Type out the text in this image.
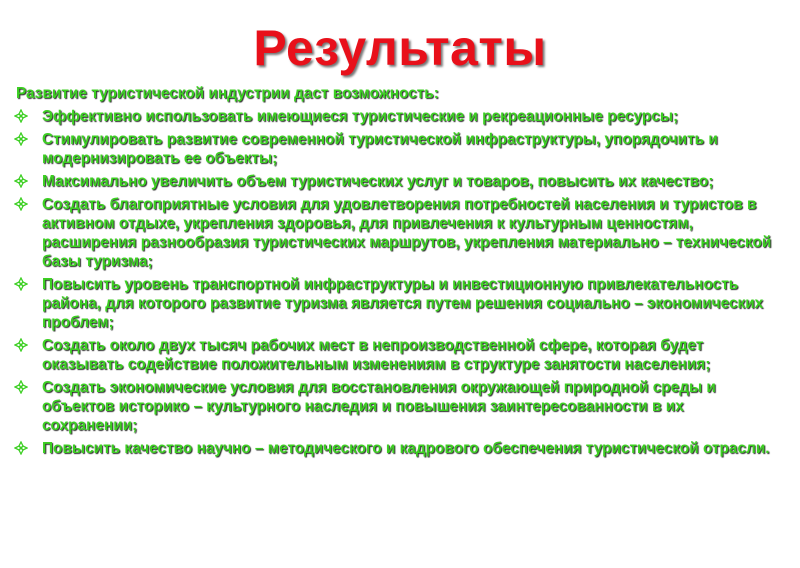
Результаты

Развитие туристической индустрии даст возможность:

Эффективно использовать имеющиеся туристические и рекреационные ресурсы;
Стимулировать развитие современной туристической инфраструктуры, упорядочить и модернизировать ее объекты;
Максимально увеличить объем туристических услуг и товаров, повысить их качество;
Создать благоприятные условия для удовлетворения потребностей населения и туристов в активном отдыхе, укрепления здоровья, для привлечения к культурным ценностям, расширения разнообразия туристических маршрутов, укрепления материально – технической базы туризма;
Повысить уровень транспортной инфраструктуры и инвестиционную привлекательность района, для которого развитие туризма является путем решения социально – экономических проблем;
Создать около двух тысяч рабочих мест в непроизводственной сфере, которая будет оказывать содействие положительным изменениям в структуре занятости населения;
Создать экономические условия для восстановления окружающей природной среды и объектов историко – культурного наследия и повышения заинтересованности в их сохранении;
Повысить качество научно – методического и кадрового обеспечения туристической отрасли.
